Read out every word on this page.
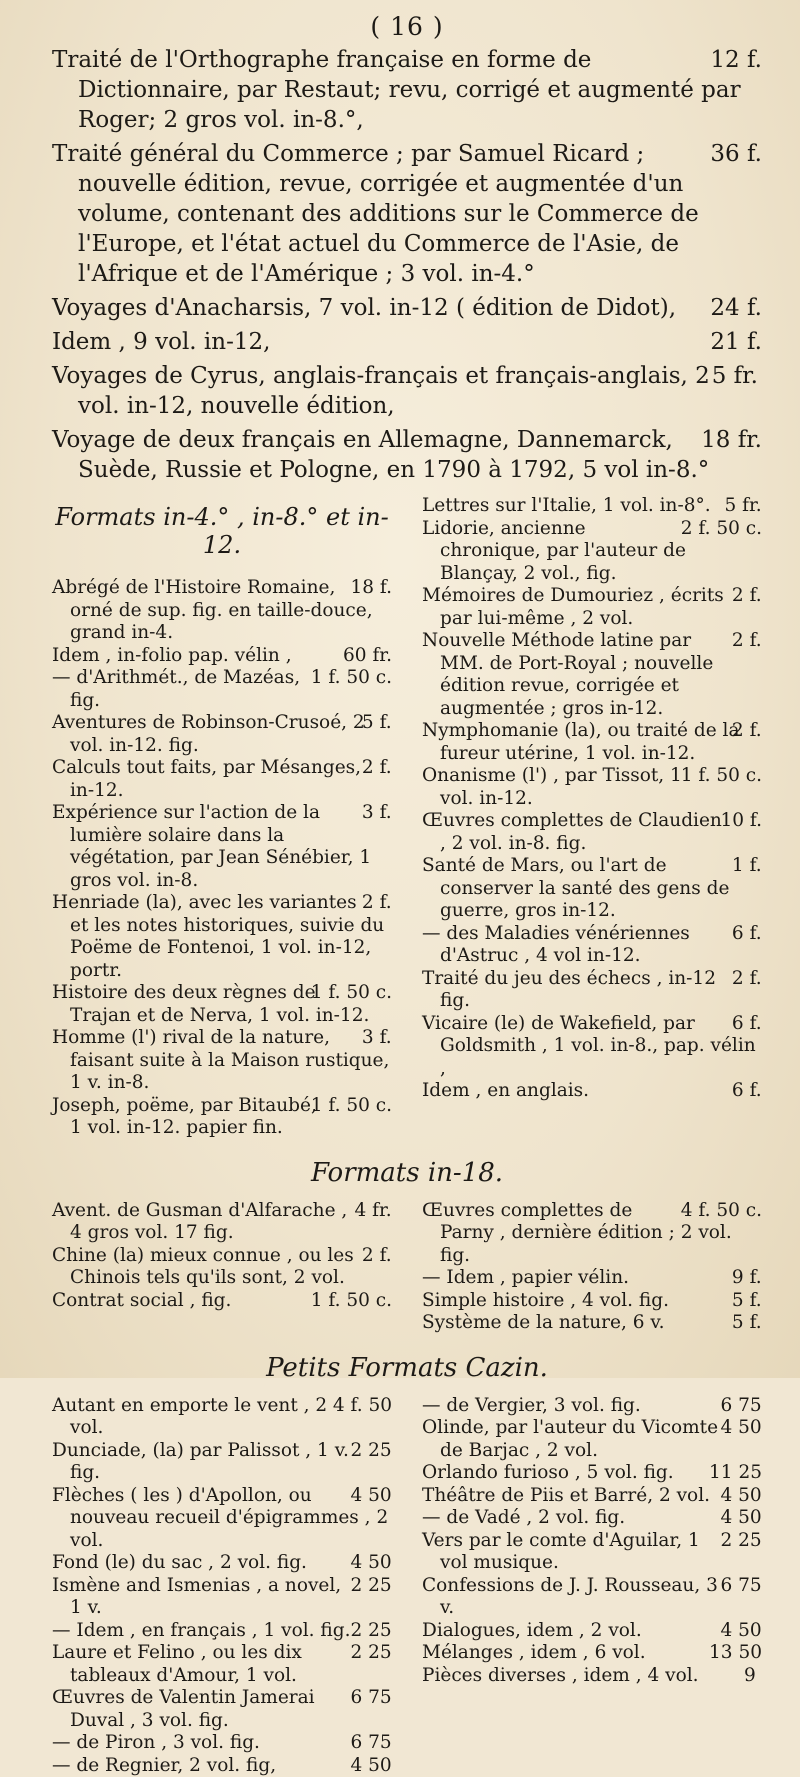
( 16 )
12 f.
Traité de l'Orthographe française en forme de Dictionnaire, par Restaut; revu, corrigé et augmenté par Roger; 2 gros vol. in-8.°,
36 f.
Traité général du Commerce ; par Samuel Ricard ; nouvelle édition, revue, corrigée et augmentée d'un volume, contenant des additions sur le Commerce de l'Europe, et l'état actuel du Commerce de l'Asie, de l'Afrique et de l'Amérique ; 3 vol. in-4.°
24 f.
Voyages d'Anacharsis, 7 vol. in-12 ( édition de Didot),
21 f.
Idem , 9 vol. in-12,
5 fr.
Voyages de Cyrus, anglais-français et français-anglais, 2 vol. in-12, nouvelle édition,
18 fr.
Voyage de deux français en Allemagne, Dannemarck, Suède, Russie et Pologne, en 1790 à 1792, 5 vol in-8.°
Formats in-4.° , in-8.° et in-12.
18 f.
Abrégé de l'Histoire Romaine, orné de sup. fig. en taille-douce, grand in-4.
60 fr.
Idem , in-folio pap. vélin ,
1 f. 50 c.
— d'Arithmét., de Mazéas, fig.
5 f.
Aventures de Robinson-Crusoé, 2 vol. in-12. fig.
2 f.
Calculs tout faits, par Mésanges, in-12.
3 f.
Expérience sur l'action de la lumière solaire dans la végétation, par Jean Sénébier, 1 gros vol. in-8.
2 f.
Henriade (la), avec les variantes et les notes historiques, suivie du Poëme de Fontenoi, 1 vol. in-12, portr.
1 f. 50 c.
Histoire des deux règnes de Trajan et de Nerva, 1 vol. in-12.
3 f.
Homme (l') rival de la nature, faisant suite à la Maison rustique, 1 v. in-8.
1 f. 50 c.
Joseph, poëme, par Bitaubé, 1 vol. in-12. papier fin.
5 fr.
Lettres sur l'Italie, 1 vol. in-8°.
2 f. 50 c.
Lidorie, ancienne chronique, par l'auteur de Blançay, 2 vol., fig.
2 f.
Mémoires de Dumouriez , écrits par lui-même , 2 vol.
2 f.
Nouvelle Méthode latine par MM. de Port-Royal ; nouvelle édition revue, corrigée et augmentée ; gros in-12.
2 f.
Nymphomanie (la), ou traité de la fureur utérine, 1 vol. in-12.
1 f. 50 c.
Onanisme (l') , par Tissot, 1 vol. in-12.
10 f.
Œuvres complettes de Claudien , 2 vol. in-8. fig.
1 f.
Santé de Mars, ou l'art de conserver la santé des gens de guerre, gros in-12.
6 f.
— des Maladies vénériennes d'Astruc , 4 vol in-12.
2 f.
Traité du jeu des échecs , in-12 fig.
6 f.
Vicaire (le) de Wakefield, par Goldsmith , 1 vol. in-8., pap. vélin ,
6 f.
Idem , en anglais.
Formats in-18.
4 fr.
Avent. de Gusman d'Alfarache , 4 gros vol. 17 fig.
2 f.
Chine (la) mieux connue , ou les Chinois tels qu'ils sont, 2 vol.
1 f. 50 c.
Contrat social , fig.
4 f. 50 c.
Œuvres complettes de Parny , dernière édition ; 2 vol. fig.
9 f.
— Idem , papier vélin.
5 f.
Simple histoire , 4 vol. fig.
5 f.
Système de la nature, 6 v.
Petits Formats Cazin.
4 f. 50
Autant en emporte le vent , 2 vol.
2 25
Dunciade, (la) par Palissot , 1 v. fig.
4 50
Flèches ( les ) d'Apollon, ou nouveau recueil d'épigrammes , 2 vol.
4 50
Fond (le) du sac , 2 vol. fig.
2 25
Ismène and Ismenias , a novel, 1 v.
2 25
— Idem , en français , 1 vol. fig.
2 25
Laure et Felino , ou les dix tableaux d'Amour, 1 vol.
6 75
Œuvres de Valentin Jamerai Duval , 3 vol. fig.
6 75
— de Piron , 3 vol. fig.
4 50
— de Regnier, 2 vol. fig,
6 75
— de Vergier, 3 vol. fig.
4 50
Olinde, par l'auteur du Vicomte de Barjac , 2 vol.
11 25
Orlando furioso , 5 vol. fig.
4 50
Théâtre de Piis et Barré, 2 vol.
4 50
— de Vadé , 2 vol. fig.
2 25
Vers par le comte d'Aguilar, 1 vol musique.
6 75
Confessions de J. J. Rousseau, 3 v.
4 50
Dialogues, idem , 2 vol.
13 50
Mélanges , idem , 6 vol.
9
Pièces diverses , idem , 4 vol.
